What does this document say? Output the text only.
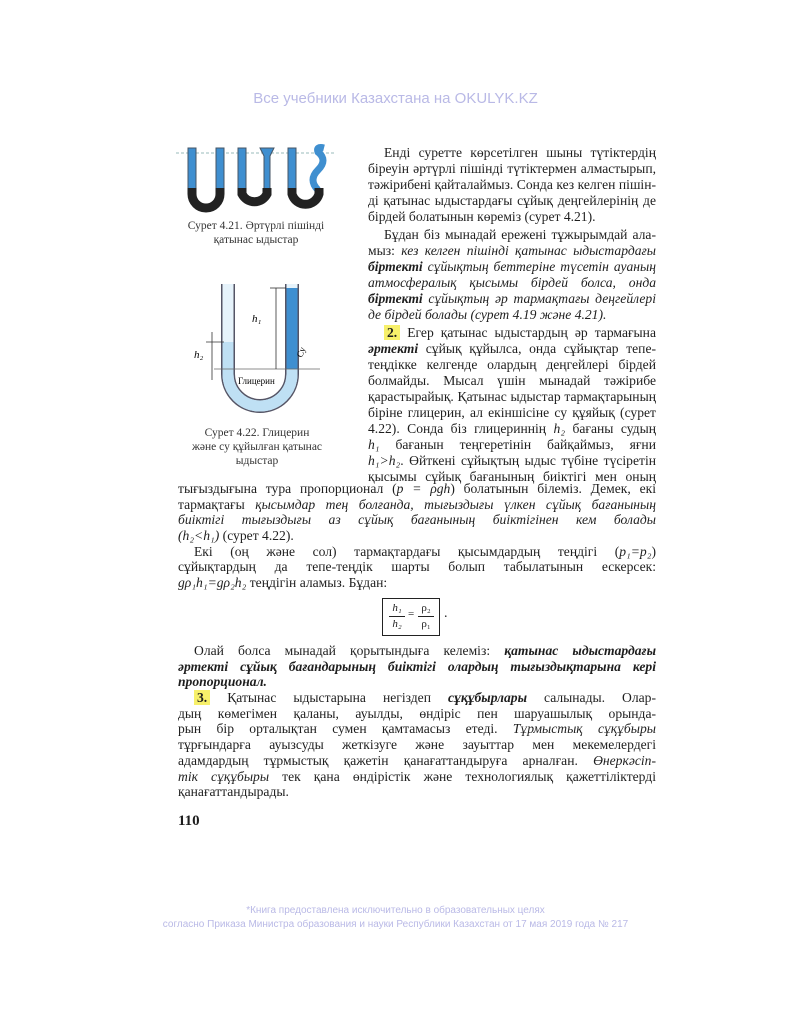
Все учебники Казахстана на OKULYK.KZ
Сурет 4.21. Әртүрлі пішінді
қатынас ыдыстар
h₁
h₂
Глицерин
Су
Сурет 4.22. Глицерин
және су құйылған қатынас
ыдыстар
Енді суретте көрсетілген шыны түтіктердің
біреуін әртүрлі пішінді түтіктермен алмастырып,
тәжірибені қайталаймыз. Сонда кез келген пішін-
ді қатынас ыдыстардағы сұйық деңгейлерінің де
бірдей болатынын көреміз (сурет 4.21).
Бұдан біз мынадай ережені тұжырымдай ала-
мыз: кез келген пішінді қатынас ыдыстардағы
біртекті сұйықтың беттеріне түсетін ауаның
атмосфералық қысымы бірдей болса, онда
біртекті сұйықтың әр тармақтағы деңгейлері
де бірдей болады (сурет 4.19 және 4.21).
2. Егер қатынас ыдыстардың әр тармағына
әртекті сұйық құйылса, онда сұйықтар тепе-
теңдікке келгенде олардың деңгейлері бірдей
болмайды. Мысал үшін мынадай тәжірибе
қарастырайық. Қатынас ыдыстар тармақтарының
біріне глицерин, ал екіншісіне су құяйық (сурет
4.22). Сонда біз глицериннің h₂ бағаны судың
h₁ бағанын теңгеретінін байқаймыз, яғни
h₁>h₂. Өйткені сұйықтың ыдыс түбіне түсіретін
қысымы сұйық бағанының биіктігі мен оның
тығыздығына тура пропорционал (p = ρgh) болатынын білеміз. Демек, екі
тармақтағы қысымдар тең болғанда, тығыздығы үлкен сұйық бағанының
биіктігі тығыздығы аз сұйық бағанының биіктігінен кем болады
(h₂<h₁) (сурет 4.22).
Екі (оң және сол) тармақтардағы қысымдардың теңдігі (p₁=p₂)
сұйықтардың да тепе-теңдік шарты болып табылатынын ескерсек:
gρ₁h₁=gρ₂h₂ теңдігін аламыз. Бұдан:
$\frac{\text{h₁}}{\text{h₂}} = \frac{\text{ρ₂}}{\text{ρ₁}}$ .
Олай болса мынадай қорытындыға келеміз: қатынас ыдыстардағы
әртекті сұйық бағандарының биіктігі олардың тығыздықтарына кері
пропорционал.
3. Қатынас ыдыстарына негіздеп сұқұбырлары салынады. Олар-
дың көмегімен қаланы, ауылды, өндіріс пен шаруашылық орында-
рын бір орталықтан сумен қамтамасыз етеді. Тұрмыстық сұқұбыры
тұрғындарға ауызсуды жеткізуге және зауыттар мен мекемелердегі
адамдардың тұрмыстық қажетін қанағаттандыруға арналған. Өнеркәсіп-
тік сұқұбыры тек қана өндірістік және технологиялық қажеттіліктерді
қанағаттандырады.
110
*Книга предоставлена исключительно в образовательных целях
согласно Приказа Министра образования и науки Республики Казахстан от 17 мая 2019 года № 217
